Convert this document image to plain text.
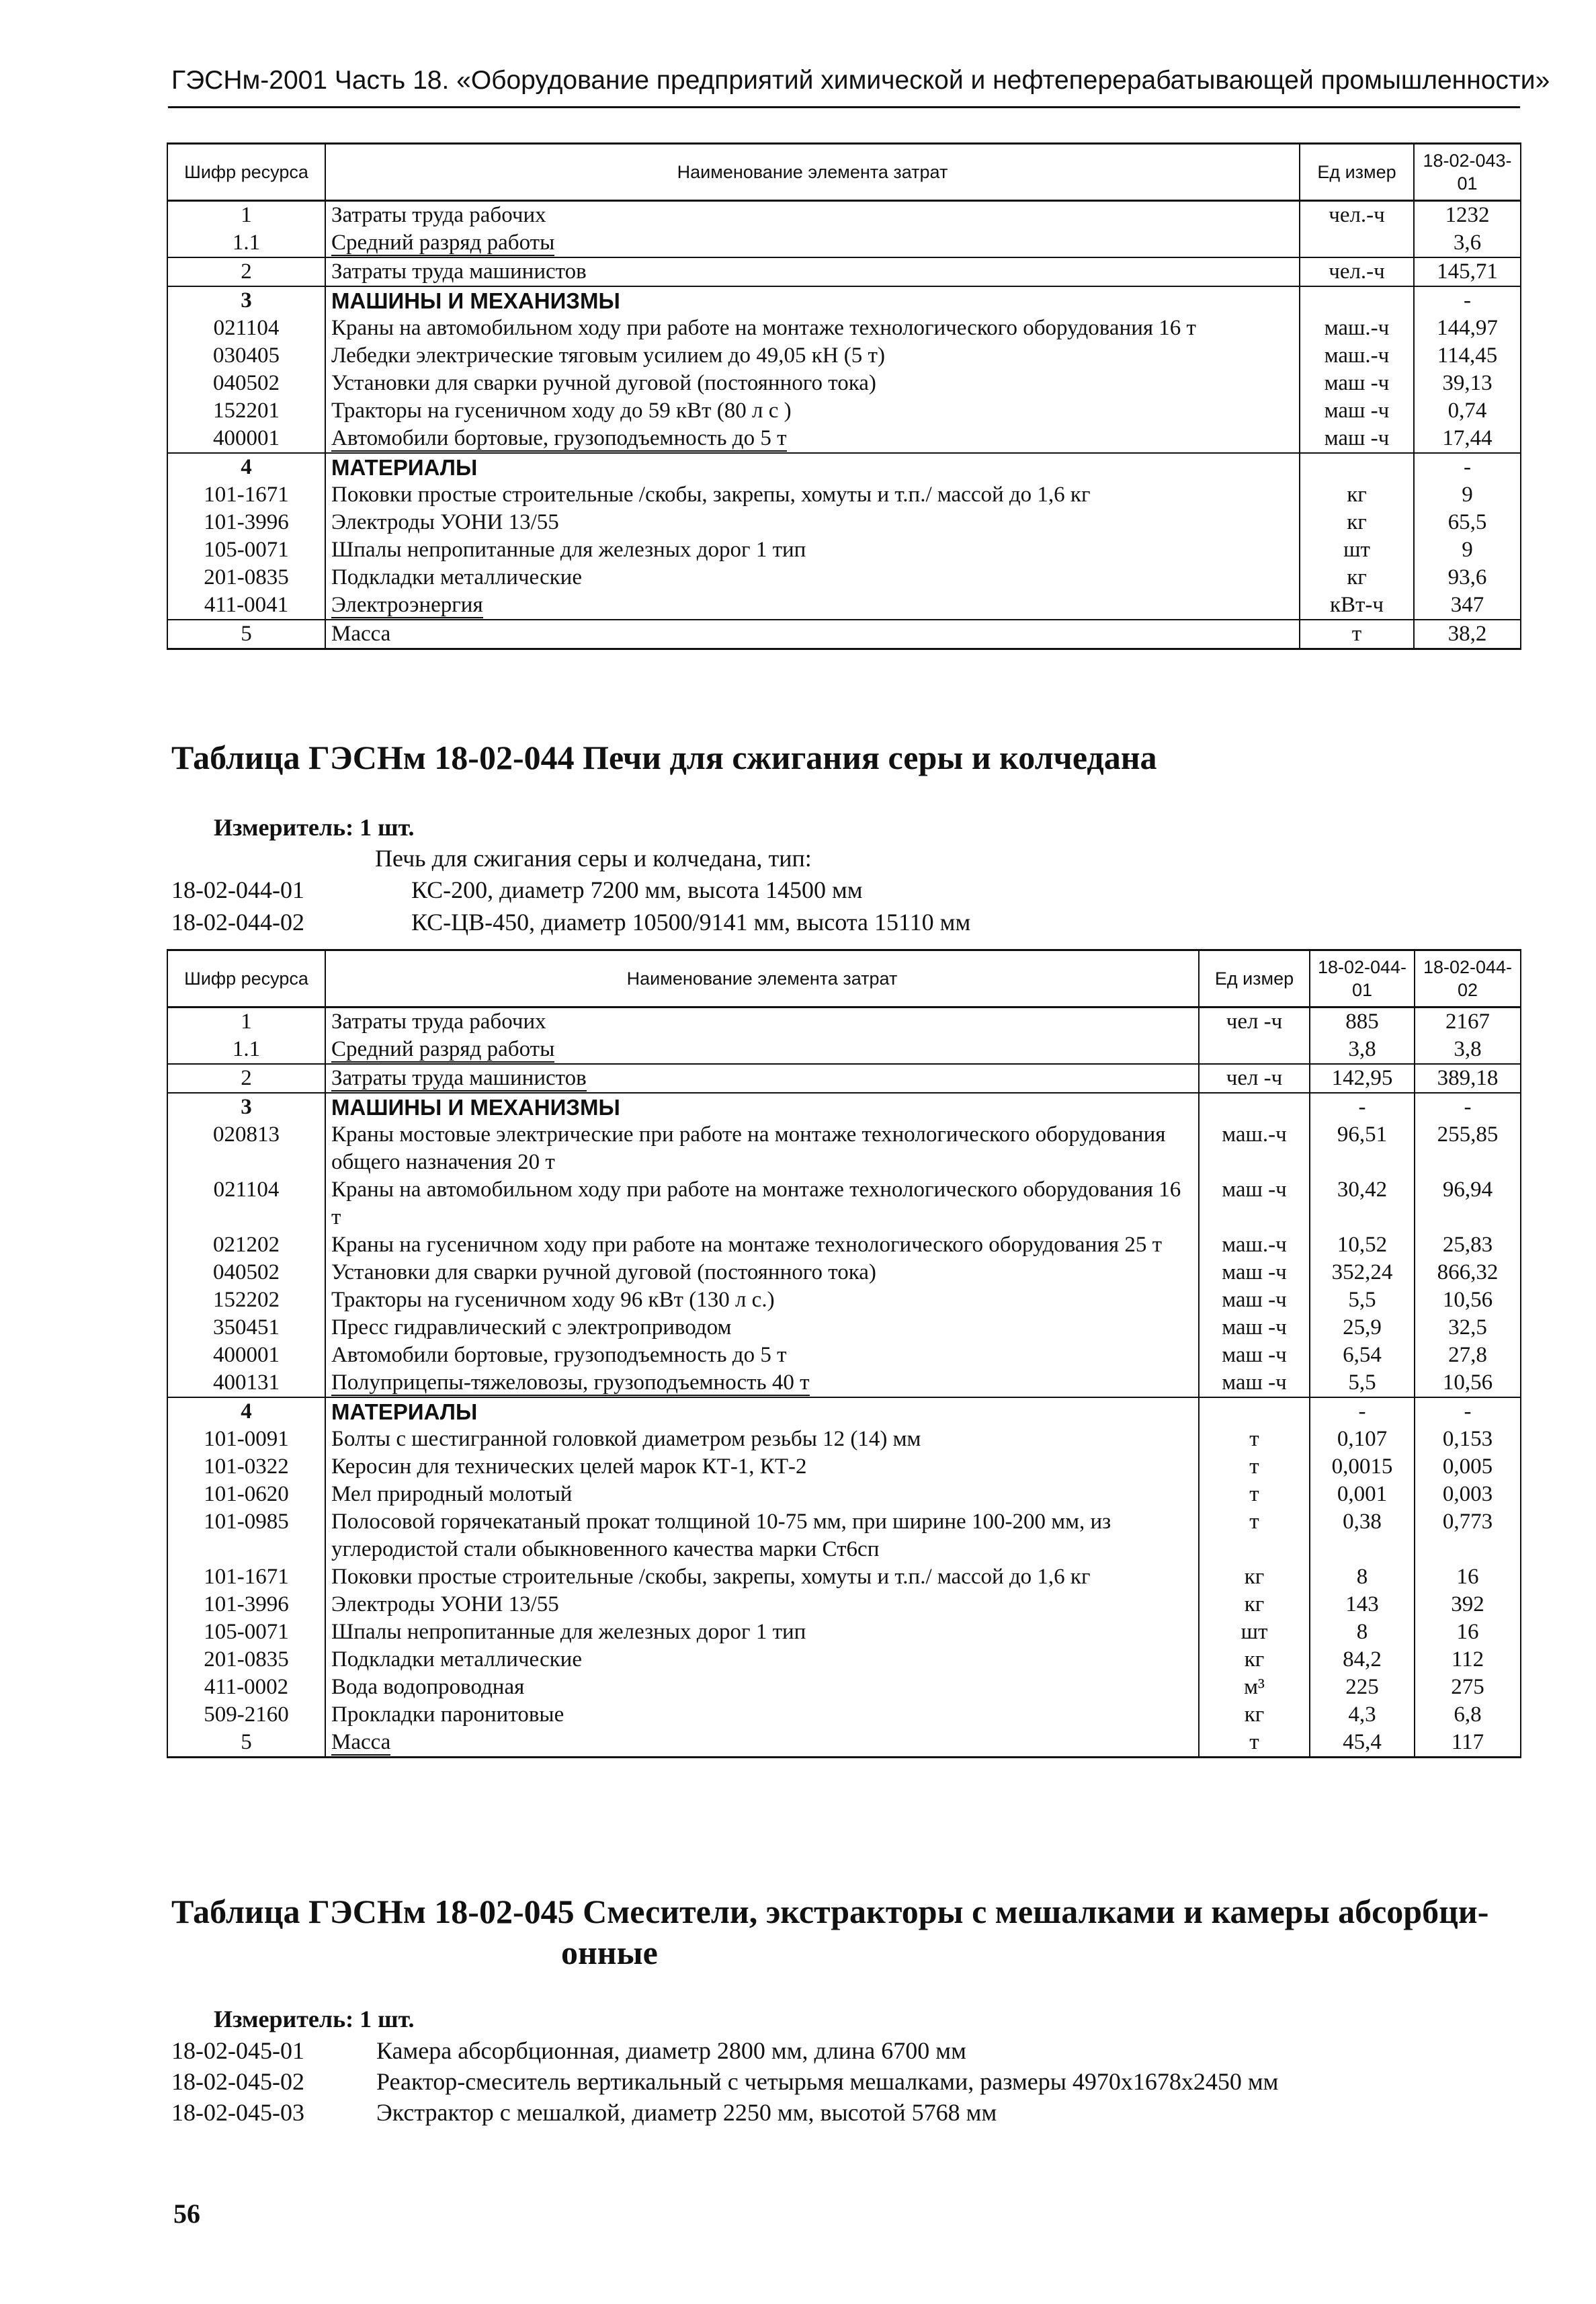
ГЭСНм-2001 Часть 18. «Оборудование предприятий химической и нефтеперерабатывающей промышленности»
Шифр ресурса	Наименование элемента затрат	Ед измер	18-02-043-01
1	Затраты труда рабочих	чел.-ч	1232
1.1	Средний разряд работы		3,6
2	Затраты труда машинистов	чел.-ч	145,71
3	МАШИНЫ И МЕХАНИЗМЫ		-
021104	Краны на автомобильном ходу при работе на монтаже технологического оборудования 16 т	маш.-ч	144,97
030405	Лебедки электрические тяговым усилием до 49,05 кН (5 т)	маш.-ч	114,45
040502	Установки для сварки ручной дуговой (постоянного тока)	маш -ч	39,13
152201	Тракторы на гусеничном ходу до 59 кВт (80 л с )	маш -ч	0,74
400001	Автомобили бортовые, грузоподъемность до 5 т	маш -ч	17,44
4	МАТЕРИАЛЫ		-
101-1671	Поковки простые строительные /скобы, закрепы, хомуты и т.п./ массой до 1,6 кг	кг	9
101-3996	Электроды УОНИ 13/55	кг	65,5
105-0071	Шпалы непропитанные для железных дорог 1 тип	шт	9
201-0835	Подкладки металлические	кг	93,6
411-0041	Электроэнергия	кВт-ч	347
5	Масса	т	38,2
Таблица ГЭСНм 18-02-044 Печи для сжигания серы и колчедана
Измеритель: 1 шт.
Печь для сжигания серы и колчедана, тип:
18-02-044-01	КС-200, диаметр 7200 мм, высота 14500 мм
18-02-044-02	КС-ЦВ-450, диаметр 10500/9141 мм, высота 15110 мм
Шифр ресурса	Наименование элемента затрат	Ед измер	18-02-044-01	18-02-044-02
1	Затраты труда рабочих	чел -ч	885	2167
1.1	Средний разряд работы		3,8	3,8
2	Затраты труда машинистов	чел -ч	142,95	389,18
3	МАШИНЫ И МЕХАНИЗМЫ		-	-
020813	Краны мостовые электрические при работе на монтаже технологического оборудования общего назначения 20 т	маш.-ч	96,51	255,85
021104	Краны на автомобильном ходу при работе на монтаже технологического оборудования 16 т	маш -ч	30,42	96,94
021202	Краны на гусеничном ходу при работе на монтаже технологического оборудования 25 т	маш.-ч	10,52	25,83
040502	Установки для сварки ручной дуговой (постоянного тока)	маш -ч	352,24	866,32
152202	Тракторы на гусеничном ходу 96 кВт (130 л с.)	маш -ч	5,5	10,56
350451	Пресс гидравлический с электроприводом	маш -ч	25,9	32,5
400001	Автомобили бортовые, грузоподъемность до 5 т	маш -ч	6,54	27,8
400131	Полуприцепы-тяжеловозы, грузоподъемность 40 т	маш -ч	5,5	10,56
4	МАТЕРИАЛЫ		-	-
101-0091	Болты с шестигранной головкой диаметром резьбы 12 (14) мм	т	0,107	0,153
101-0322	Керосин для технических целей марок КТ-1, КТ-2	т	0,0015	0,005
101-0620	Мел природный молотый	т	0,001	0,003
101-0985	Полосовой горячекатаный прокат толщиной 10-75 мм, при ширине 100-200 мм, из углеродистой стали обыкновенного качества марки Ст6сп	т	0,38	0,773
101-1671	Поковки простые строительные /скобы, закрепы, хомуты и т.п./ массой до 1,6 кг	кг	8	16
101-3996	Электроды УОНИ 13/55	кг	143	392
105-0071	Шпалы непропитанные для железных дорог 1 тип	шт	8	16
201-0835	Подкладки металлические	кг	84,2	112
411-0002	Вода водопроводная	м³	225	275
509-2160	Прокладки паронитовые	кг	4,3	6,8
5	Масса	т	45,4	117
Таблица ГЭСНм 18-02-045 Смесители, экстракторы с мешалками и камеры абсорбци-
онные
Измеритель: 1 шт.
18-02-045-01	Камера абсорбционная, диаметр 2800 мм, длина 6700 мм
18-02-045-02	Реактор-смеситель вертикальный с четырьмя мешалками, размеры 4970х1678х2450 мм
18-02-045-03	Экстрактор с мешалкой, диаметр 2250 мм, высотой 5768 мм
56
